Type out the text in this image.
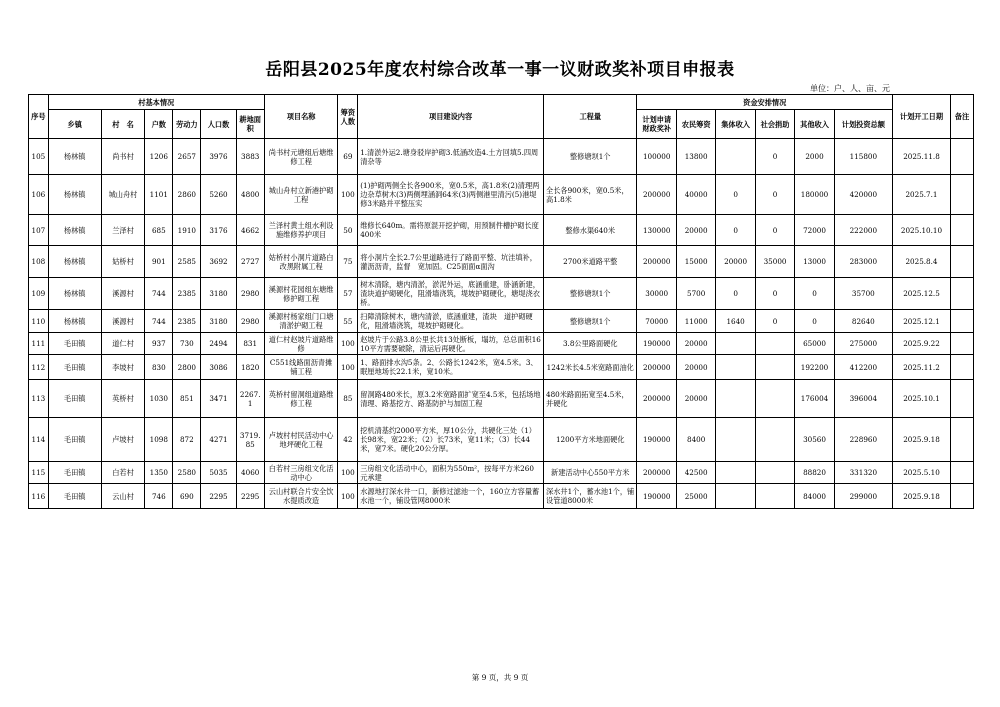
岳阳县2025年度农村综合改革一事一议财政奖补项目申报表
单位：户、人、亩、元
序号	村基本情况						项目名称	筹资人数	项目建设内容	工程量	资金安排情况						计划开工日期	备注
	乡镇	村　名	户数	劳动力	人口数	耕地面积					计划申请财政奖补	农民筹资	集体收入	社会捐助	其他收入	计划投资总额		
105	杨林镇	尚书村	1206	2657	3976	3883	尚书村元塘组后塘维修工程	69	1.清淤外运2.塘身驳岸护砌3.低涵改造4.土方回填5.四周清杂等	整修塘坝1个	100000	13800		0	2000	115800	2025.11.8	
106	杨林镇	城山舟村	1101	2860	5260	4800	城山舟村立新港护砌工程	100	(1)护砌两侧全长各900米，宽0.5米，高1.8米(2)清理两边杂草树木(3)两侧埋涵洞64米(3)两侧港里清污(5)港堤修3米路并平整压实	全长各900米，宽0.5米，高1.8米	200000	40000	0	0	180000	420000	2025.7.1	
107	杨林镇	兰泽村	685	1910	3176	4662	兰泽村黄土组水利设施维修养护项目	50	维修长640m。需将原混开挖护砌，用预制件槽护砌长度400米	整修水渠640米	130000	20000	0	0	72000	222000	2025.10.10	
108	杨林镇	姑桥村	901	2585	3692	2727	姑桥村小洞片道路白改黑附属工程	75	将小洞片全长2.7公里道路进行了路面平整、坑洼填补，灌沥沥青，监督　宽加固。C25面面α面沟	2700米道路平整	200000	15000	20000	35000	13000	283000	2025.8.4	
109	杨林镇	溪源村	744	2385	3180	2980	溪源村花园组东塘维修护砌工程	57	树木清除，塘内清淤，淤泥外运，底涵重建，卧涵新建，渣块道护砌硬化，阻滑墙浇筑，堤坡护砌硬化，塘堤浇衣桥。	整修塘坝1个	30000	5700	0	0	0	35700	2025.12.5	
110	杨林镇	溪源村	744	2385	3180	2980	溪源村杨家组门口塘清淤护砌工程	55	扫障清除树木，塘内清淤，底涵重建，渣块　道护砌硬化，阻滑墙浇筑，堤坡护砌硬化。	整修塘坝1个	70000	11000	1640	0	0	82640	2025.12.1	
111	毛田镇	道仁村	937	730	2494	831	道仁村赵坡片道路维修	100	赵坡片于公路3.8公里长共13处断板，塌坊，总总面积1610平方需要破除，清运后再硬化。	3.8公里路面硬化	190000	20000			65000	275000	2025.9.22	
112	毛田镇	李坡村	830	2800	3086	1820	C551线路面沥青摊铺工程	100	1、路面排水沟5条。2、公路长1242米，宽4.5米。3、 眠厘地场长22.1米，宽10米。	1242米长4.5米宽路面油化	200000	20000			192200	412200	2025.11.2	
113	毛田镇	英桥村	1030	851	3471	2267.1	英桥村留洞组道路维修工程	85	留洞路480米长，原3.2米宽路面扩宽至4.5米，包括场地清理、路基挖方、路基防护与加固工程	480米路面拓宽至4.5米，并硬化	200000	20000			176004	396004	2025.10.1	
114	毛田镇	卢坡村	1098	872	4271	3719.85	卢坡村村民活动中心地坪硬化工程	42	挖机清基约2000平方米，厚10公分，共硬化三处（1）长98米，宽22米；（2）长73米，宽11米；（3）长44米，宽7米。硬化20公分厚。	1200平方米地面硬化	190000	8400			30560	228960	2025.9.18	
115	毛田镇	白若村	1350	2580	5035	4060	白若村三房组文化活动中心	100	三房组文化活动中心，面积为550m²，按每平方米260元承建	新建活动中心550平方米	200000	42500			88820	331320	2025.5.10	
116	毛田镇	云山村	746	690	2295	2295	云山村联合片安全饮水提质改造	100	水源地打深水井一口，新修过滤池一个，160立方容量蓄水池一个，铺设管网8000米	深水井1个，蓄水池1个，铺设管道8000米	190000	25000			84000	299000	2025.9.18	
第 9 页，共 9 页
